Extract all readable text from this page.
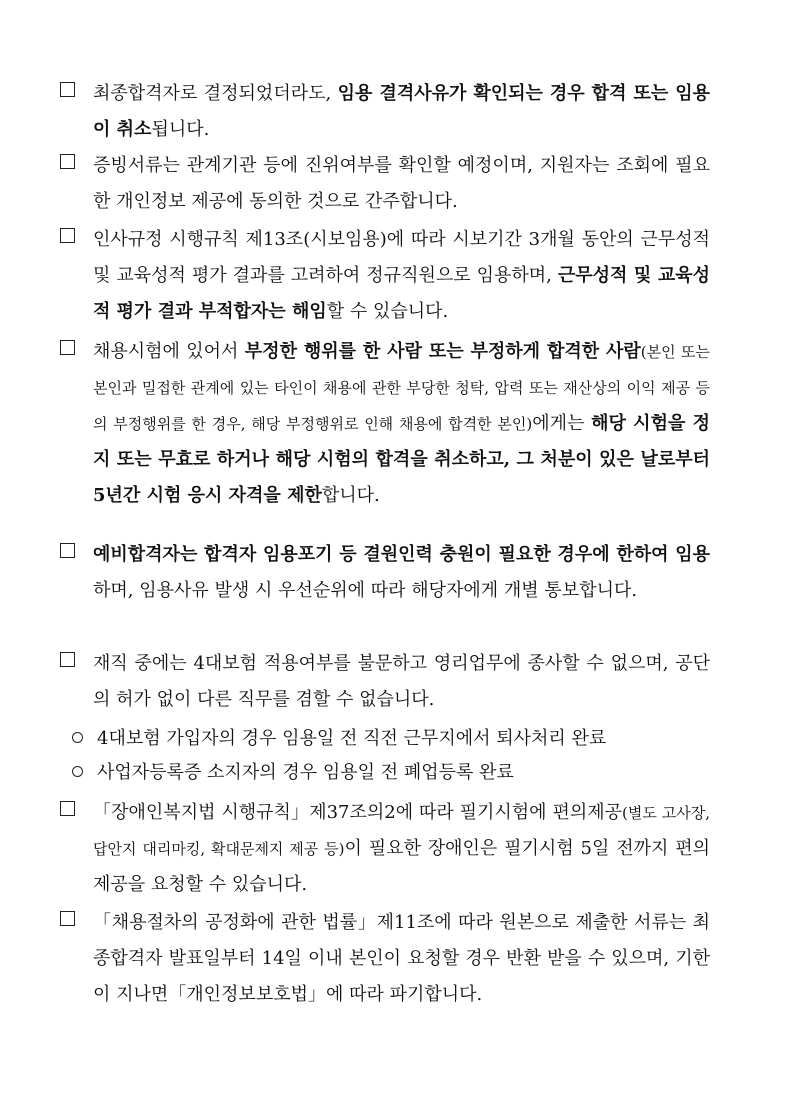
최종합격자로 결정되었더라도, 임용 결격사유가 확인되는 경우 합격 또는 임용이 취소됩니다.

증빙서류는 관계기관 등에 진위여부를 확인할 예정이며, 지원자는 조회에 필요한 개인정보 제공에 동의한 것으로 간주합니다.

인사규정 시행규칙 제13조(시보임용)에 따라 시보기간 3개월 동안의 근무성적 및 교육성적 평가 결과를 고려하여 정규직원으로 임용하며, 근무성적 및 교육성적 평가 결과 부적합자는 해임할 수 있습니다.

채용시험에 있어서 부정한 행위를 한 사람 또는 부정하게 합격한 사람(본인 또는 본인과 밀접한 관계에 있는 타인이 채용에 관한 부당한 청탁, 압력 또는 재산상의 이익 제공 등의 부정행위를 한 경우, 해당 부정행위로 인해 채용에 합격한 본인)에게는 해당 시험을 정지 또는 무효로 하거나 해당 시험의 합격을 취소하고, 그 처분이 있은 날로부터 5년간 시험 응시 자격을 제한합니다.

예비합격자는 합격자 임용포기 등 결원인력 충원이 필요한 경우에 한하여 임용하며, 임용사유 발생 시 우선순위에 따라 해당자에게 개별 통보합니다.

재직 중에는 4대보험 적용여부를 불문하고 영리업무에 종사할 수 없으며, 공단의 허가 없이 다른 직무를 겸할 수 없습니다.

4대보험 가입자의 경우 임용일 전 직전 근무지에서 퇴사처리 완료
사업자등록증 소지자의 경우 임용일 전 폐업등록 완료

「장애인복지법 시행규칙」제37조의2에 따라 필기시험에 편의제공(별도 고사장, 답안지 대리마킹, 확대문제지 제공 등)이 필요한 장애인은 필기시험 5일 전까지 편의제공을 요청할 수 있습니다.

「채용절차의 공정화에 관한 법률」제11조에 따라 원본으로 제출한 서류는 최종합격자 발표일부터 14일 이내 본인이 요청할 경우 반환 받을 수 있으며, 기한이 지나면「개인정보보호법」에 따라 파기합니다.
